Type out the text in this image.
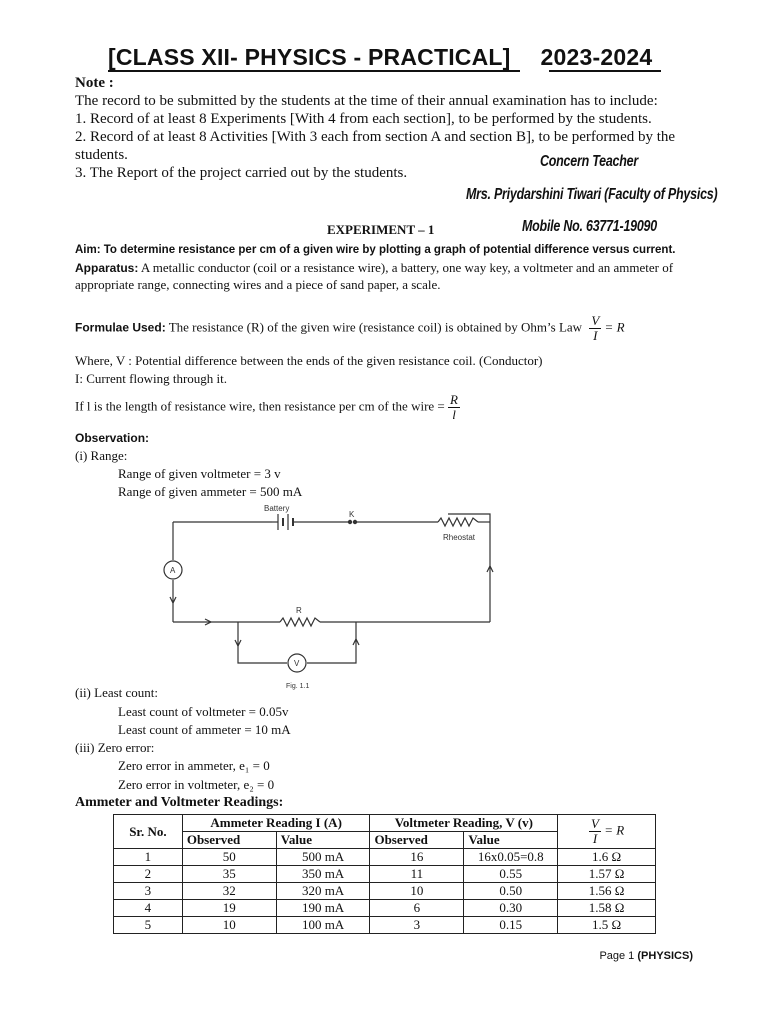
[CLASS XII- PHYSICS - PRACTICAL] 2023-2024
Note :
The record to be submitted by the students at the time of their annual examination has to include:
1. Record of at least 8 Experiments [With 4 from each section], to be performed by the students.
2. Record of at least 8 Activities [With 3 each from section A and section B], to be performed by the
students.
3. The Report of the project carried out by the students.
Concern Teacher
Mrs. Priydarshini Tiwari (Faculty of Physics)
Mobile No. 63771-19090
EXPERIMENT – 1
Aim: To determine resistance per cm of a given wire by plotting a graph of potential difference versus current.
Apparatus: A metallic conductor (coil or a resistance wire), a battery, one way key, a voltmeter and an ammeter of
appropriate range, connecting wires and a piece of sand paper, a scale.
Formulae Used: The resistance (R) of the given wire (resistance coil) is obtained by Ohm’s Law $\frac{V}{I} = R$
Where, V : Potential difference between the ends of the given resistance coil. (Conductor)
I: Current flowing through it.
If l is the length of resistance wire, then resistance per cm of the wire = $\frac{R}{l}$
Observation:
(i) Range:
Range of given voltmeter = 3 v
Range of given ammeter = 500 mA
Battery
K
Rheostat
R
A
V
Fig. 1.1
(ii) Least count:
Least count of voltmeter = 0.05v
Least count of ammeter = 10 mA
(iii) Zero error:
Zero error in ammeter, e₁ = 0
Zero error in voltmeter, e₂ = 0
Ammeter and Voltmeter Readings:
Sr. No.	Ammeter Reading I (A)		Voltmeter Reading, V (v)		$\frac{V}{I} = R$
	Observed	Value	Observed	Value	
1	50	500 mA	16	16x0.05=0.8	1.6 Ω
2	35	350 mA	11	0.55	1.57 Ω
3	32	320 mA	10	0.50	1.56 Ω
4	19	190 mA	6	0.30	1.58 Ω
5	10	100 mA	3	0.15	1.5 Ω
Page 1 (PHYSICS)
